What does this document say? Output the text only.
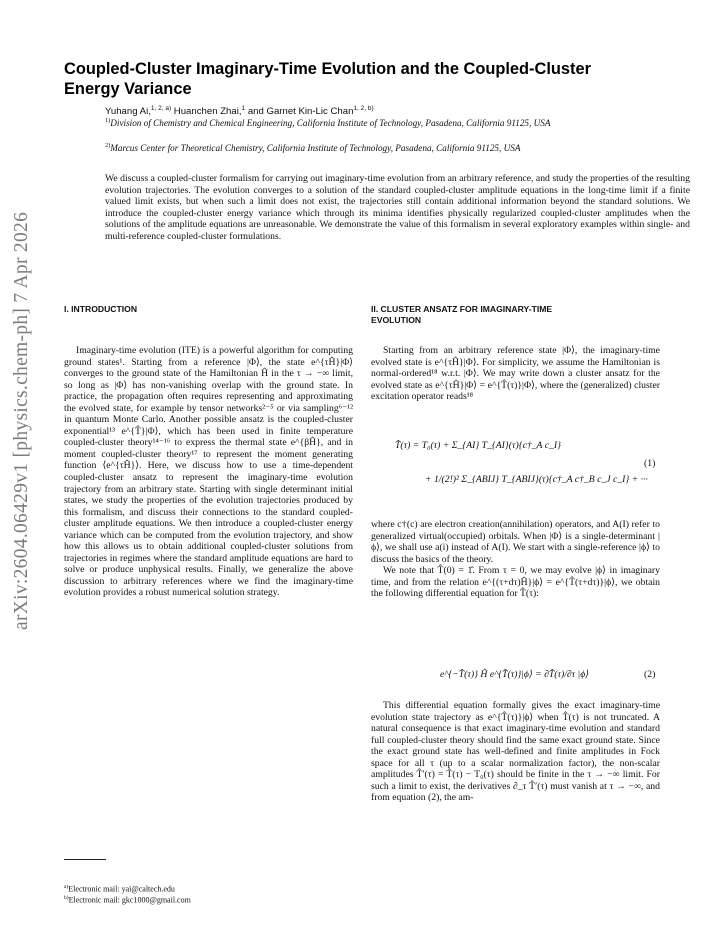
arXiv:2604.06429v1 [physics.chem-ph] 7 Apr 2026
Coupled-Cluster Imaginary-Time Evolution and the Coupled-Cluster
Energy Variance
Yuhang Ai,$^{1, 2, a)}$ Huanchen Zhai,$^1$ and Garnet Kin-Lic Chan$^{1, 2, b)}$
$^{1)}$Division of Chemistry and Chemical Engineering, California Institute of Technology, Pasadena, California 91125, USA
$^{2)}$Marcus Center for Theoretical Chemistry, California Institute of Technology, Pasadena, California 91125, USA
We discuss a coupled-cluster formalism for carrying out imaginary-time evolution from an arbitrary reference, and study the properties of the resulting evolution trajectories. The evolution converges to a solution of the standard coupled-cluster amplitude equations in the long-time limit if a finite valued limit exists, but when such a limit does not exist, the trajectories still contain additional information beyond the standard solutions. We introduce the coupled-cluster energy variance which through its minima identifies physically regularized coupled-cluster amplitudes when the solutions of the amplitude equations are unreasonable. We demonstrate the value of this formalism in several exploratory examples within single- and multi-reference coupled-cluster formulations.
I. INTRODUCTION

Imaginary-time evolution (ITE) is a powerful algorithm for computing ground states¹. Starting from a reference |Φ⟩, the state e^{τĤ}|Φ⟩ converges to the ground state of the Hamiltonian Ĥ in the τ → −∞ limit, so long as |Φ⟩ has non-vanishing overlap with the ground state. In practice, the propagation often requires representing and approximating the evolved state, for example by tensor networks²⁻⁵ or via sampling⁶⁻¹² in quantum Monte Carlo. Another possible ansatz is the coupled-cluster exponential¹³ e^{T̂}|Φ⟩, which has been used in finite temperature coupled-cluster theory¹⁴⁻¹⁶ to express the thermal state e^{βĤ}, and in moment coupled-cluster theory¹⁷ to represent the moment generating function ⟨e^{τĤ}⟩. Here, we discuss how to use a time-dependent coupled-cluster ansatz to represent the imaginary-time evolution trajectory from an arbitrary state. Starting with single determinant initial states, we study the properties of the evolution trajectories produced by this formalism, and discuss their connections to the standard coupled-cluster amplitude equations. We then introduce a coupled-cluster energy variance which can be computed from the evolution trajectory, and show how this allows us to obtain additional coupled-cluster solutions from trajectories in regimes where the standard amplitude equations are hard to solve or produce unphysical results. Finally, we generalize the above discussion to arbitrary references where we find the imaginary-time evolution provides a robust numerical solution strategy.

$^{a)}$Electronic mail: yai@caltech.edu
$^{b)}$Electronic mail: gkc1000@gmail.com
II. CLUSTER ANSATZ FOR IMAGINARY-TIME
EVOLUTION

Starting from an arbitrary reference state |Φ⟩, the imaginary-time evolved state is e^{τĤ}|Φ⟩. For simplicity, we assume the Hamiltonian is normal-ordered¹⁸ w.r.t. |Φ⟩. We may write down a cluster ansatz for the evolved state as e^{τĤ}|Φ⟩ = e^{T̂(τ)}|Φ⟩, where the (generalized) cluster excitation operator reads¹⁸

T̂(τ) = T₀(τ) + Σ_{AI} T_{AI}(τ){c†_A c_I}
+ 1/(2!)² Σ_{ABIJ} T_{ABIJ}(τ){c†_A c†_B c_J c_I} + ···
(1)

where c†(c) are electron creation(annihilation) operators, and A(I) refer to generalized virtual(occupied) orbitals. When |Φ⟩ is a single-determinant |ϕ⟩, we shall use a(i) instead of A(I). We start with a single-reference |ϕ⟩ to discuss the basics of the theory.

We note that T̂(0) = 1̂. From τ = 0, we may evolve |ϕ⟩ in imaginary time, and from the relation e^{(τ+dτ)Ĥ}|ϕ⟩ = e^{T̂(τ+dτ)}|ϕ⟩, we obtain the following differential equation for T̂(τ):

e^{−T̂(τ)} Ĥ e^{T̂(τ)}|ϕ⟩ = ∂T̂(τ)/∂τ |ϕ⟩	(2)

This differential equation formally gives the exact imaginary-time evolution state trajectory as e^{T̂(τ)}|ϕ⟩ when T̂(τ) is not truncated. A natural consequence is that exact imaginary-time evolution and standard full coupled-cluster theory should find the same exact ground state. Since the exact ground state has well-defined and finite amplitudes in Fock space for all τ (up to a scalar normalization factor), the non-scalar amplitudes T̂′(τ) = T̂(τ) − T₀(τ) should be finite in the τ → −∞ limit. For such a limit to exist, the derivatives ∂_τ T̂′(τ) must vanish at τ → −∞, and from equation (2), the am-
